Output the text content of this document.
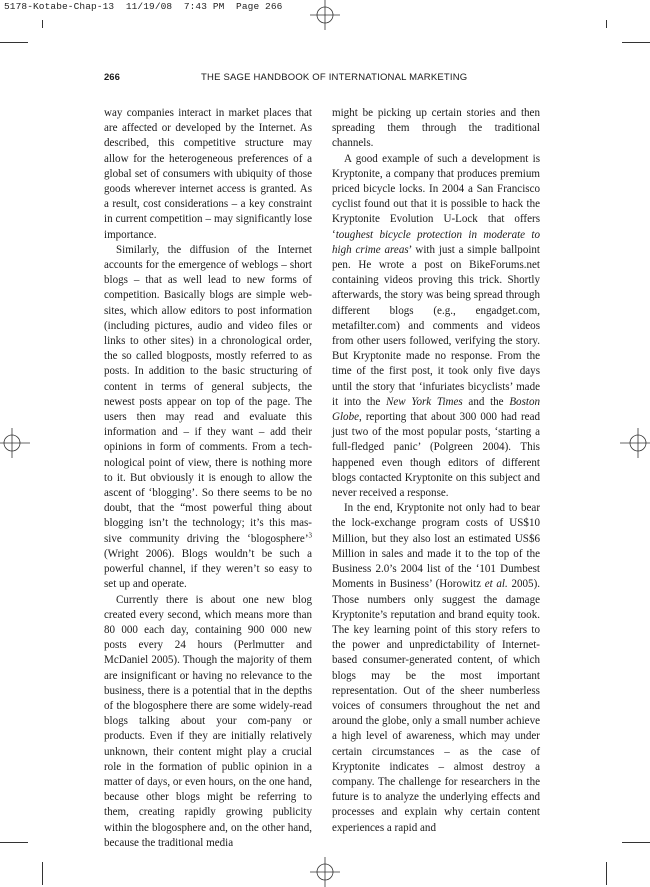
5178-Kotabe-Chap-13  11/19/08  7:43 PM  Page 266
266	THE SAGE HANDBOOK OF INTERNATIONAL MARKETING

way companies interact in market places that are affected or developed by the Internet. As described, this competitive structure may allow for the heterogeneous preferences of a global set of consumers with ubiquity of those goods wherever internet access is granted. As a result, cost considerations – a key constraint in current competition – may significantly lose importance.

Similarly, the diffusion of the Internet accounts for the emergence of weblogs – short blogs – that as well lead to new forms of competition. Basically blogs are simple web-sites, which allow editors to post information (including pictures, audio and video files or links to other sites) in a chronological order, the so called blogposts, mostly referred to as posts. In addition to the basic structuring of content in terms of general subjects, the newest posts appear on top of the page. The users then may read and evaluate this information and – if they want – add their opinions in form of comments. From a tech-nological point of view, there is nothing more to it. But obviously it is enough to allow the ascent of ‘blogging’. So there seems to be no doubt, that the “most powerful thing about blogging isn’t the technology; it’s this mas-sive community driving the ‘blogosphere’$^3$ (Wright 2006). Blogs wouldn’t be such a powerful channel, if they weren’t so easy to set up and operate.

Currently there is about one new blog created every second, which means more than 80 000 each day, containing 900 000 new posts every 24 hours (Perlmutter and McDaniel 2005). Though the majority of them are insignificant or having no relevance to the business, there is a potential that in the depths of the blogosphere there are some widely-read blogs talking about your com-pany or products. Even if they are initially relatively unknown, their content might play a crucial role in the formation of public opinion in a matter of days, or even hours, on the one hand, because other blogs might be referring to them, creating rapidly growing publicity within the blogosphere and, on the other hand, because the traditional media

might be picking up certain stories and then spreading them through the traditional channels.

A good example of such a development is Kryptonite, a company that produces premium priced bicycle locks. In 2004 a San Francisco cyclist found out that it is possible to hack the Kryptonite Evolution U-Lock that offers ‘toughest bicycle protection in moderate to high crime areas’ with just a simple ballpoint pen. He wrote a post on BikeForums.net containing videos proving this trick. Shortly afterwards, the story was being spread through different blogs (e.g., engadget.com, metafilter.com) and comments and videos from other users followed, verifying the story. But Kryptonite made no response. From the time of the first post, it took only five days until the story that ‘infuriates bicyclists’ made it into the New York Times and the Boston Globe, reporting that about 300 000 had read just two of the most popular posts, ‘starting a full-fledged panic’ (Polgreen 2004). This happened even though editors of different blogs contacted Kryptonite on this subject and never received a response.

In the end, Kryptonite not only had to bear the lock-exchange program costs of US$10 Million, but they also lost an estimated US$6 Million in sales and made it to the top of the Business 2.0’s 2004 list of the ‘101 Dumbest Moments in Business’ (Horowitz et al. 2005). Those numbers only suggest the damage Kryptonite’s reputation and brand equity took. The key learning point of this story refers to the power and unpredictability of Internet-based consumer-generated content, of which blogs may be the most important representation. Out of the sheer numberless voices of consumers throughout the net and around the globe, only a small number achieve a high level of awareness, which may under certain circumstances – as the case of Kryptonite indicates – almost destroy a company. The challenge for researchers in the future is to analyze the underlying effects and processes and explain why certain content experiences a rapid and
